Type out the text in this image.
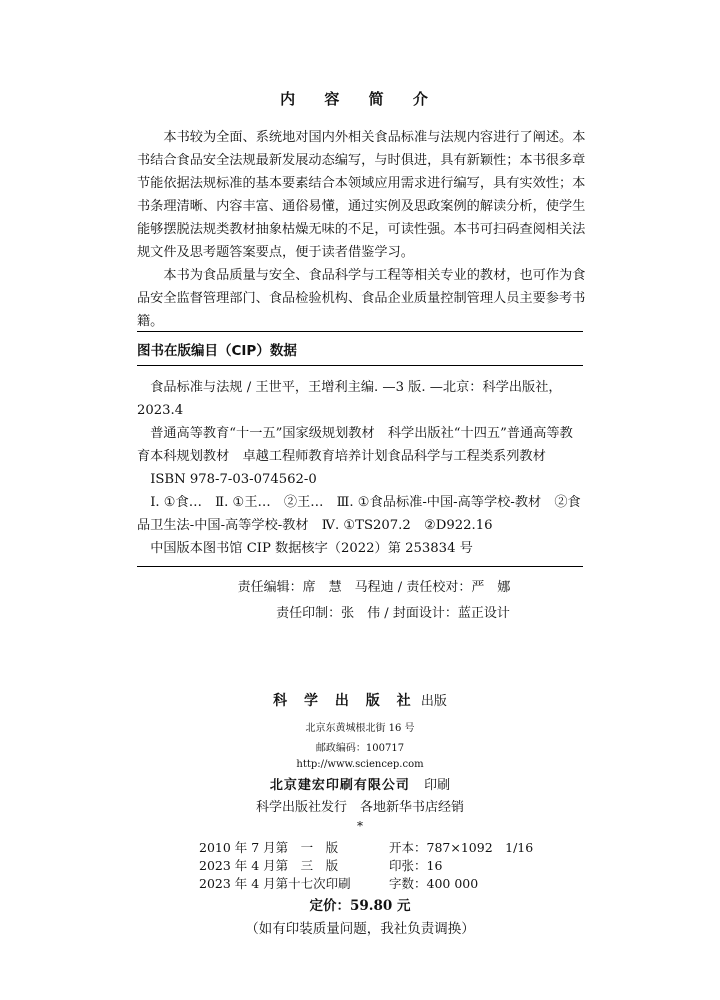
内 容 简 介

本书较为全面、系统地对国内外相关食品标准与法规内容进行了阐述。本书结合食品安全法规最新发展动态编写，与时俱进，具有新颖性；本书很多章节能依据法规标准的基本要素结合本领域应用需求进行编写，具有实效性；本书条理清晰、内容丰富、通俗易懂，通过实例及思政案例的解读分析，使学生能够摆脱法规类教材抽象枯燥无味的不足，可读性强。本书可扫码查阅相关法规文件及思考题答案要点，便于读者借鉴学习。

本书为食品质量与安全、食品科学与工程等相关专业的教材，也可作为食品安全监督管理部门、食品检验机构、食品企业质量控制管理人员主要参考书籍。

图书在版编目（CIP）数据

食品标准与法规 / 王世平，王增利主编. —3 版. —北京：科学出版社，2023.4

普通高等教育“十一五”国家级规划教材　科学出版社“十四五”普通高等教育本科规划教材　卓越工程师教育培养计划食品科学与工程类系列教材

ISBN 978-7-03-074562-0

Ⅰ. ①食…　Ⅱ. ①王…　②王…　Ⅲ. ①食品标准-中国-高等学校-教材　②食品卫生法-中国-高等学校-教材　Ⅳ. ①TS207.2　②D922.16

中国版本图书馆 CIP 数据核字（2022）第 253834 号

责任编辑：席　慧　马程迪 / 责任校对：严　娜
责任印制：张　伟 / 封面设计：蓝正设计
科 学 出 版 社 出版
北京东黄城根北街 16 号
邮政编码：100717
http://www.sciencep.com
北京建宏印刷有限公司 印刷
科学出版社发行　各地新华书店经销
*
2010 年 7 月第　一　版	开本：787×1092　1/16
2023 年 4 月第　三　版	印张：16
2023 年 4 月第十七次印刷	字数：400 000
定价：59.80 元
（如有印装质量问题，我社负责调换）
